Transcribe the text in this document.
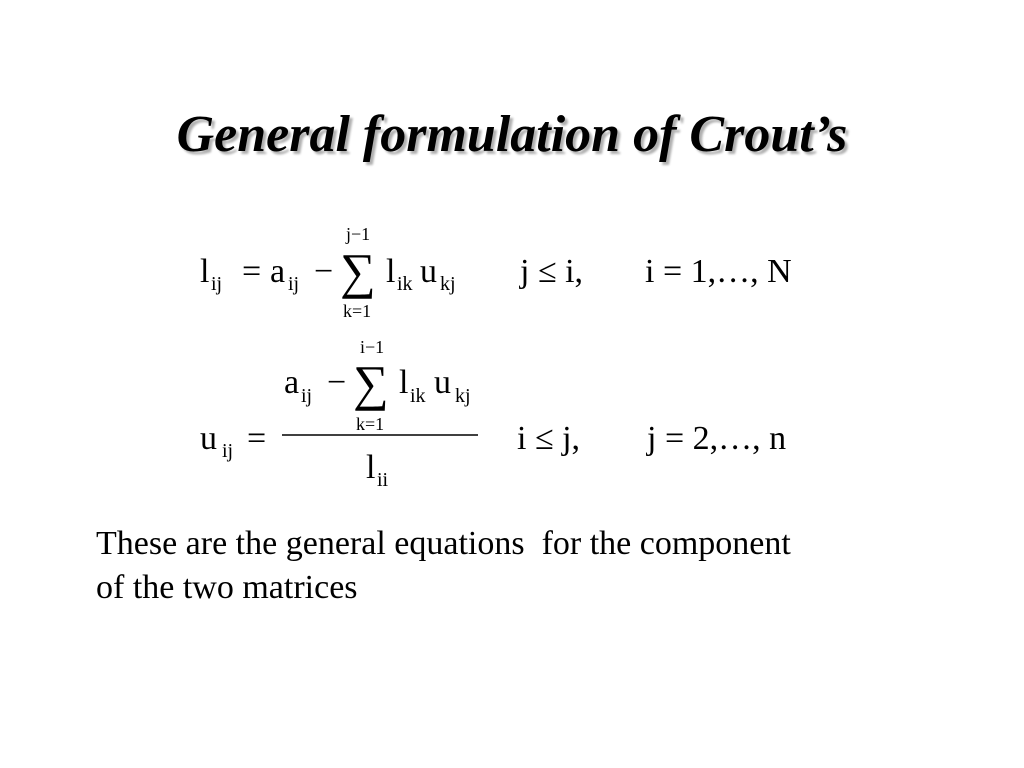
General formulation of Crout’s
l ij = a ij − ∑
j−1
k=1
l ik u kj j ≤ i, i = 1,…, N
u ij =
a ij − ∑
i−1
k=1
l ik u kj
l ii
i ≤ j, j = 2,…, n
These are the general equations  for the component
of the two matrices
